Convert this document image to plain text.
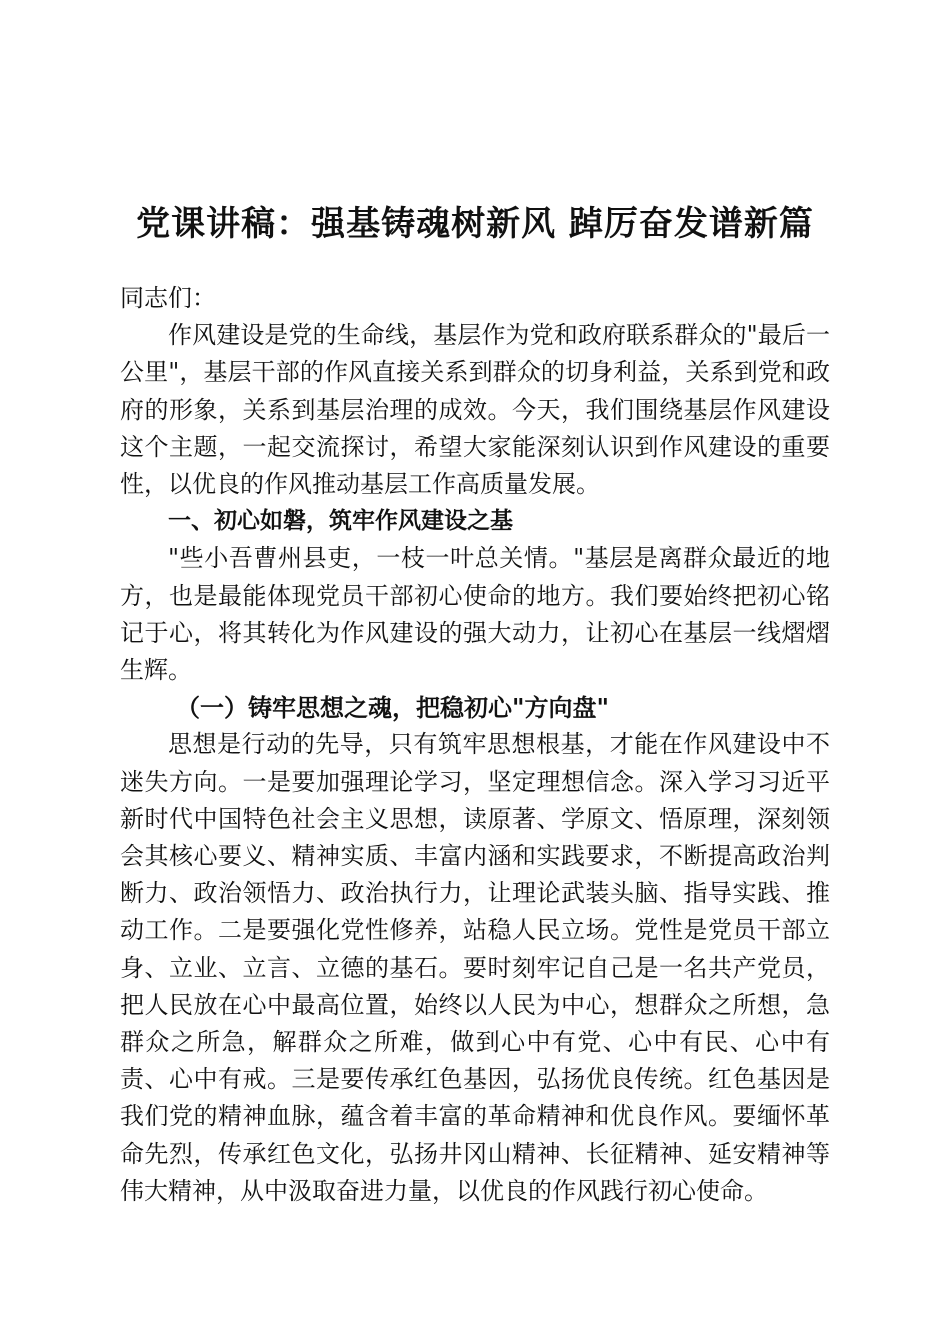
党课讲稿：强基铸魂树新风 踔厉奋发谱新篇

同志们：

作风建设是党的生命线，基层作为党和政府联系群众的"最后一公里"，基层干部的作风直接关系到群众的切身利益，关系到党和政府的形象，关系到基层治理的成效。今天，我们围绕基层作风建设这个主题，一起交流探讨，希望大家能深刻认识到作风建设的重要性，以优良的作风推动基层工作高质量发展。

一、初心如磐，筑牢作风建设之基

"些小吾曹州县吏，一枝一叶总关情。"基层是离群众最近的地方，也是最能体现党员干部初心使命的地方。我们要始终把初心铭记于心，将其转化为作风建设的强大动力，让初心在基层一线熠熠生辉。

（一）铸牢思想之魂，把稳初心"方向盘"

思想是行动的先导，只有筑牢思想根基，才能在作风建设中不迷失方向。一是要加强理论学习，坚定理想信念。深入学习习近平新时代中国特色社会主义思想，读原著、学原文、悟原理，深刻领会其核心要义、精神实质、丰富内涵和实践要求，不断提高政治判断力、政治领悟力、政治执行力，让理论武装头脑、指导实践、推动工作。二是要强化党性修养，站稳人民立场。党性是党员干部立身、立业、立言、立德的基石。要时刻牢记自己是一名共产党员，把人民放在心中最高位置，始终以人民为中心，想群众之所想，急群众之所急，解群众之所难，做到心中有党、心中有民、心中有责、心中有戒。三是要传承红色基因，弘扬优良传统。红色基因是我们党的精神血脉，蕴含着丰富的革命精神和优良作风。要缅怀革命先烈，传承红色文化，弘扬井冈山精神、长征精神、延安精神等伟大精神，从中汲取奋进力量，以优良的作风践行初心使命。
